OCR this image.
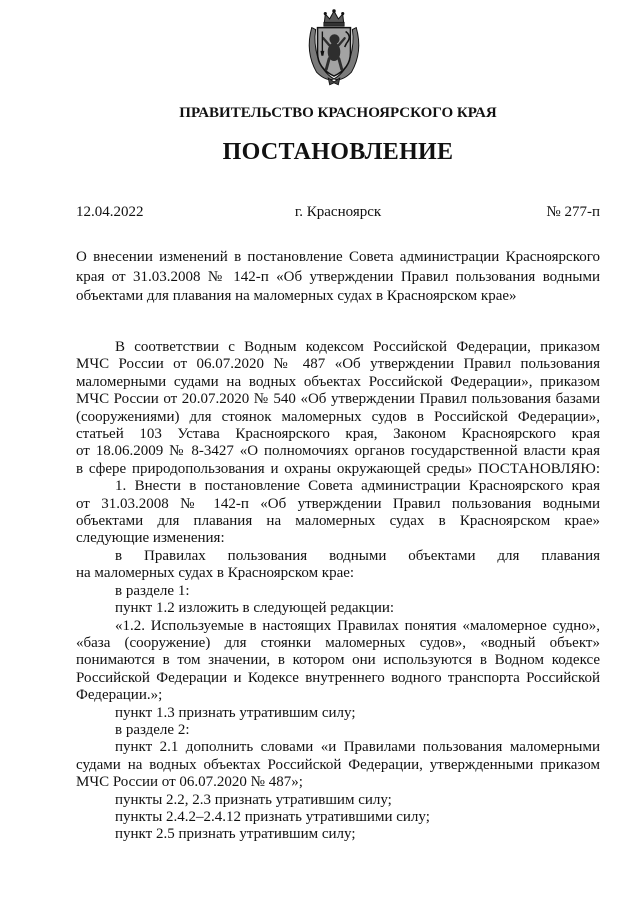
ПРАВИТЕЛЬСТВО КРАСНОЯРСКОГО КРАЯ
ПОСТАНОВЛЕНИЕ
12.04.2022	г. Красноярск	№ 277-п
О внесении изменений в постановление Совета администрации Красноярского
края от 31.03.2008 № 142-п «Об утверждении Правил пользования водными
объектами для плавания на маломерных судах в Красноярском крае»
В соответствии с Водным кодексом Российской Федерации, приказом
МЧС России от 06.07.2020 № 487 «Об утверждении Правил пользования
маломерными судами на водных объектах Российской Федерации», приказом
МЧС России от 20.07.2020 № 540 «Об утверждении Правил пользования базами
(сооружениями) для стоянок маломерных судов в Российской Федерации»,
статьей 103 Устава Красноярского края, Законом Красноярского края
от 18.06.2009 № 8-3427 «О полномочиях органов государственной власти края
в сфере природопользования и охраны окружающей среды» ПОСТАНОВЛЯЮ:
1. Внести в постановление Совета администрации Красноярского края
от 31.03.2008 № 142-п «Об утверждении Правил пользования водными
объектами для плавания на маломерных судах в Красноярском крае»
следующие изменения:
в Правилах пользования водными объектами для плавания
на маломерных судах в Красноярском крае:
в разделе 1:
пункт 1.2 изложить в следующей редакции:
«1.2. Используемые в настоящих Правилах понятия «маломерное судно»,
«база (сооружение) для стоянки маломерных судов», «водный объект»
понимаются в том значении, в котором они используются в Водном кодексе
Российской Федерации и Кодексе внутреннего водного транспорта Российской
Федерации.»;
пункт 1.3 признать утратившим силу;
в разделе 2:
пункт 2.1 дополнить словами «и Правилами пользования маломерными
судами на водных объектах Российской Федерации, утвержденными приказом
МЧС России от 06.07.2020 № 487»;
пункты 2.2, 2.3 признать утратившим силу;
пункты 2.4.2–2.4.12 признать утратившими силу;
пункт 2.5 признать утратившим силу;
